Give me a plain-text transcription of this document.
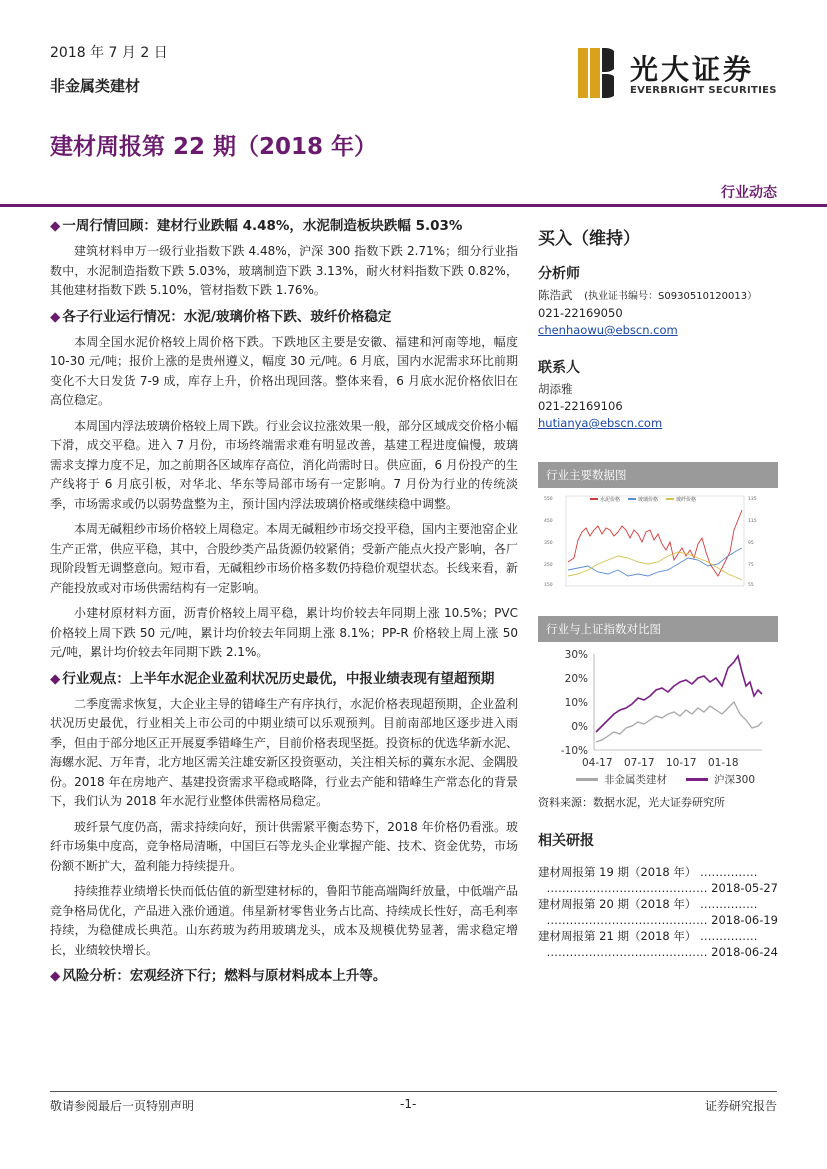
2018 年 7 月 2 日
非金属类建材	光大证券
EVERBRIGHT SECURITIES
建材周报第 22 期（2018 年）
行业动态
◆ 一周行情回顾：建材行业跌幅 4.48%，水泥制造板块跌幅 5.03%

建筑材料申万一级行业指数下跌 4.48%，沪深 300 指数下跌 2.71%；细分行业指数中，水泥制造指数下跌 5.03%，玻璃制造下跌 3.13%，耐火材料指数下跌 0.82%，其他建材指数下跌 5.10%，管材指数下跌 1.76%。

◆ 各子行业运行情况：水泥/玻璃价格下跌、玻纤价格稳定

本周全国水泥价格较上周价格下跌。下跌地区主要是安徽、福建和河南等地，幅度 10-30 元/吨；报价上涨的是贵州遵义，幅度 30 元/吨。6 月底，国内水泥需求环比前期变化不大日发货 7-9 成，库存上升，价格出现回落。整体来看，6 月底水泥价格依旧在高位稳定。

本周国内浮法玻璃价格较上周下跌。行业会议拉涨效果一般，部分区域成交价格小幅下滑，成交平稳。进入 7 月份，市场终端需求难有明显改善，基建工程进度偏慢，玻璃需求支撑力度不足，加之前期各区域库存高位，消化尚需时日。供应面，6 月份投产的生产线将于 6 月底引板，对华北、华东等局部市场有一定影响。7 月份为行业的传统淡季，市场需求或仍以弱势盘整为主，预计国内浮法玻璃价格或继续稳中调整。

本周无碱粗纱市场价格较上周稳定。本周无碱粗纱市场交投平稳，国内主要池窑企业生产正常，供应平稳，其中，合股纱类产品货源仍较紧俏；受新产能点火投产影响，各厂现阶段暂无调整意向。短市看，无碱粗纱市场价格多数仍持稳价观望状态。长线来看，新产能投放或对市场供需结构有一定影响。

小建材原材料方面，沥青价格较上周平稳，累计均价较去年同期上涨 10.5%；PVC 价格较上周下跌 50 元/吨，累计均价较去年同期上涨 8.1%；PP-R 价格较上周上涨 50 元/吨，累计均价较去年同期下跌 2.1%。

◆ 行业观点：上半年水泥企业盈利状况历史最优，中报业绩表现有望超预期

二季度需求恢复，大企业主导的错峰生产有序执行，水泥价格表现超预期，企业盈利状况历史最优，行业相关上市公司的中期业绩可以乐观预判。目前南部地区逐步进入雨季，但由于部分地区正开展夏季错峰生产，目前价格表现坚挺。投资标的优选华新水泥、海螺水泥、万年青，北方地区需关注雄安新区投资驱动，关注相关标的冀东水泥、金隅股份。2018 年在房地产、基建投资需求平稳或略降，行业去产能和错峰生产常态化的背景下，我们认为 2018 年水泥行业整体供需格局稳定。

玻纤景气度仍高，需求持续向好，预计供需紧平衡态势下，2018 年价格仍看涨。玻纤市场集中度高，竞争格局清晰，中国巨石等龙头企业掌握产能、技术、资金优势，市场份额不断扩大，盈利能力持续提升。

持续推荐业绩增长快而低估值的新型建材标的，鲁阳节能高端陶纤放量，中低端产品竞争格局优化，产品进入涨价通道。伟星新材零售业务占比高、持续成长性好，高毛利率持续，为稳健成长典范。山东药玻为药用玻璃龙头，成本及规模优势显著，需求稳定增长，业绩较快增长。

◆ 风险分析：宏观经济下行；燃料与原材料成本上升等。
买入（维持）
分析师
陈浩武 (执业证书编号：S0930510120013）
021-22169050
chenhaowu@ebscn.com
联系人
胡添雅
021-22169106
hutianya@ebscn.com
行业主要数据图
550
450
350
250
150
135
115
95
75
55
水泥价格	玻璃价格	玻纤价格
行业与上证指数对比图
30%
20%
10%
0%
-10%
04-17 07-17 10-17 01-18
非金属类建材	沪深300
资料来源：数据水泥，光大证券研究所
相关研报
建材周报第 19 期（2018 年） ……………
…………………………………… 2018-05-27
建材周报第 20 期（2018 年） ……………
…………………………………… 2018-06-19
建材周报第 21 期（2018 年） ……………
…………………………………… 2018-06-24
敬请参阅最后一页特别声明	-1-	证券研究报告
